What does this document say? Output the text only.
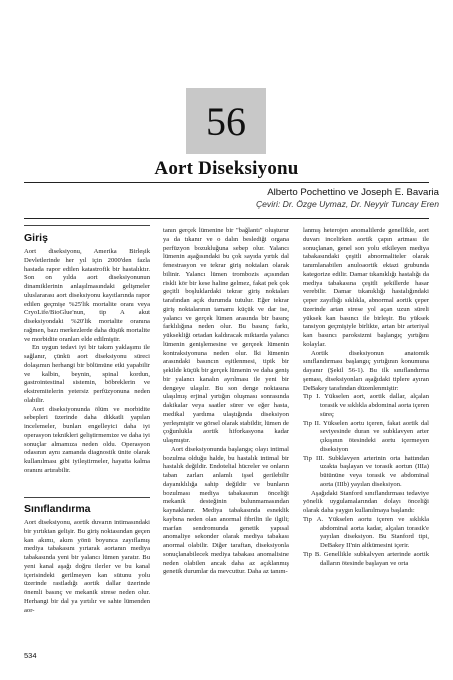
56
Aort Diseksiyonu
Alberto Pochettino ve Joseph E. Bavaria
Çeviri: Dr. Özge Uymaz, Dr. Neyyir Tuncay Eren
Giriş

Aort diseksiyonu, Amerika Birleşik Devletlerinde her yıl için 2000'den fazla hastada rapor edilen katastrofik bir hastalıktır. Son on yılda aort diseksiyonunun dinamiklerinin anlaşılmasındaki gelişmeler uluslararası aort diseksiyonu kayıtlarında rapor edilen geçmişe %25'lik mortalite oranı veya CryoLife/BioGlue'nun, tip A akut diseksiyondaki %20'lik mortalite oranına rağmen, bazı merkezlerde daha düşük mortalite ve morbidite oranları elde edilmiştir.

En uygun tedavi iyi bir takım yaklaşımı ile sağlanır, çünkü aort diseksiyonu süreci dolaşımın herhangi bir bölümüne etki yapabilir ve kalbin, beynin, spinal kordun, gastrointestinal sistemin, böbreklerin ve ekstremitelerin yetersiz perfüzyonuna neden olabilir.

Aort diseksiyonunda ölüm ve morbidite sebepleri üzerinde daha dikkatli yapılan incelemeler, bunları engelleyici daha iyi operasyon teknikleri geliştirmemize ve daha iyi sonuçlar almamıza neden oldu. Operasyon odasının aynı zamanda diagnostik ünite olarak kullanılması gibi iyileştirmeler, hayatta kalma oranını artırabilir.

Sınıflandırma

Aort diseksiyonu, aortik duvarın intimasındaki bir yırtıktan gelişir. Bu giriş noktasından geçen kan akımı, akım yönü boyunca zayıflamış mediya tabakasını yırtarak aortanın mediya tabakasında yeni bir yalancı lümen yaratır. Bu yeni kanal aşağı doğru ilerler ve bu kanal içerisindeki gerilmeyen kan sütunu yolu üzerinde rastladığı aortik dallar üzerinde önemli basınç ve mekanik strese neden olur. Herhangi bir dal ya yırtılır ve sahte lümenden aor-

tanın gerçek lümenine bir "bağlantı" oluşturur ya da tıkanır ve o dalın beslediği organa perfüzyon bozukluğuna sebep olur. Yalancı lümenin aşağısındaki bu çok sayıda yırtık dal fenestrasyon ve tekrar giriş noktaları olarak bilinir. Yalancı lümen trombozis açısından riskli kör bir kese haline gelmez, fakat pek çok geçitli boşluklardaki tekrar giriş noktaları tarafından açık durumda tutulur. Eğer tekrar giriş noktalarının tamamı küçük ve dar ise, yalancı ve gerçek lümen arasında bir basınç farklılığına neden olur. Bu basınç farkı, yüksekliği ortadan kaldıracak miktarda yalancı lümenin genişlemesine ve gerçeek lümenin kontraksiyonuna neden olur. İki lümenin arasındaki basıncın eşitlenmesi, tipik bir şekilde küçük bir gerçek lümenin ve daha geniş bir yalancı kanalın ayrılması ile yeni bir dengeye ulaşılır. Bu son denge noktasına ulaşılmış erjinal yırtığın oluşması sonrasında dakikalar veya saatler sürer ve eğer hasta, medikal yardıma ulaştığında diseksiyon yerleşmiştir ve görsel olarak stabildir, lümen de çoğunlukla aortik hiforkasyona kadar ulaşmıştır.

Aort diseksiyonunda başlangıç olayı intimal bozulma olduğu halde, bu hastalık intimal bir hastalık değildir. Endotelial hücreler ve onların taban zarları anlamlı işsel gerilebilir dayanıklılığa sahip değildir ve bunların bozulması mediya tabakasının önceliği mekanik desteğinin bulunmamasından kaynaklanır. Mediya tabakasında esneklik kaybına neden olan anormal fibrilin ile ilgili; marfan sendromunda genetik yapısal anomaliye sekonder olarak mediya tabakası anormal olabilir. Diğer taraftan, diseksiyonla sonuçlanabilecek mediya tabakası anomalisine neden olabilen ancak daha az açıklanmış genetik durumlar da mevcuttur. Daha az tanım-

lanmış heterojen anomalilerde genellikle, aort duvarı incelirken aortik çapın artması ile sonuçlanan, genel son yolu etkileyen mediya tabakasındaki çeşitli abnormaliteler olarak tanımlanabilen anuloaortik ektazi grubunda kategorize edilir. Damar tıkanıklığı hastalığı da mediya tabakasına çeşitli şekillerde hasar verebilir. Damar tıkanıklığı hastalığındaki çeper zayıflığı sıklıkla, abnormal aortik çeper üzerinde artan strese yol açan uzun süreli yüksek kan basıncı ile birleşir. Bu yüksek tansiyon geçmişiyle birlikte, artan bir arteriyal kan basıncı paroksizmi başlangıç yırtığını kolaylar.

Aortik diseksiyonun anatomik sınıflandırması başlangıç yırtığının konumuna dayanır (Şekil 56-1). Bu ilk sınıflandırma şeması, diseksiyonları aşağıdaki tiplere ayıran DeBakey tarafından düzenlenmiştir:

Tip I. Yükselen aort, aortik dallar, alçalan torasik ve sıklıkla abdominal aorta içeren süreç
Tip II. Yükselen aortu içeren, fakat aortik dal seviyesinde duran ve subklavyen arter çıkışının ötesindeki aortu içermeyen diseksiyon
Tip III. Subklavyen arterinin orta hattından uzakta başlayan ve torasik aortun (IIIa) bütününe veya torasik ve abdominal aorta (IIIb) yayılan diseksiyon.

Aşağıdaki Stanford sınıflandırması tedaviye yönelik uygulamalarından dolayı önceliği olarak daha yaygın kullanılmaya başlandı:

Tip A. Yükselen aortu içeren ve sıklıkla abdominal aorta kadar, alçalan torasik'e yayılan diseksiyon. Bu Stanford tipi, DeBakey II'nin altkümesini içerir.
Tip B. Genellikle subkalvyen arterinde aortik dalların ötesinde başlayan ve orta
534
